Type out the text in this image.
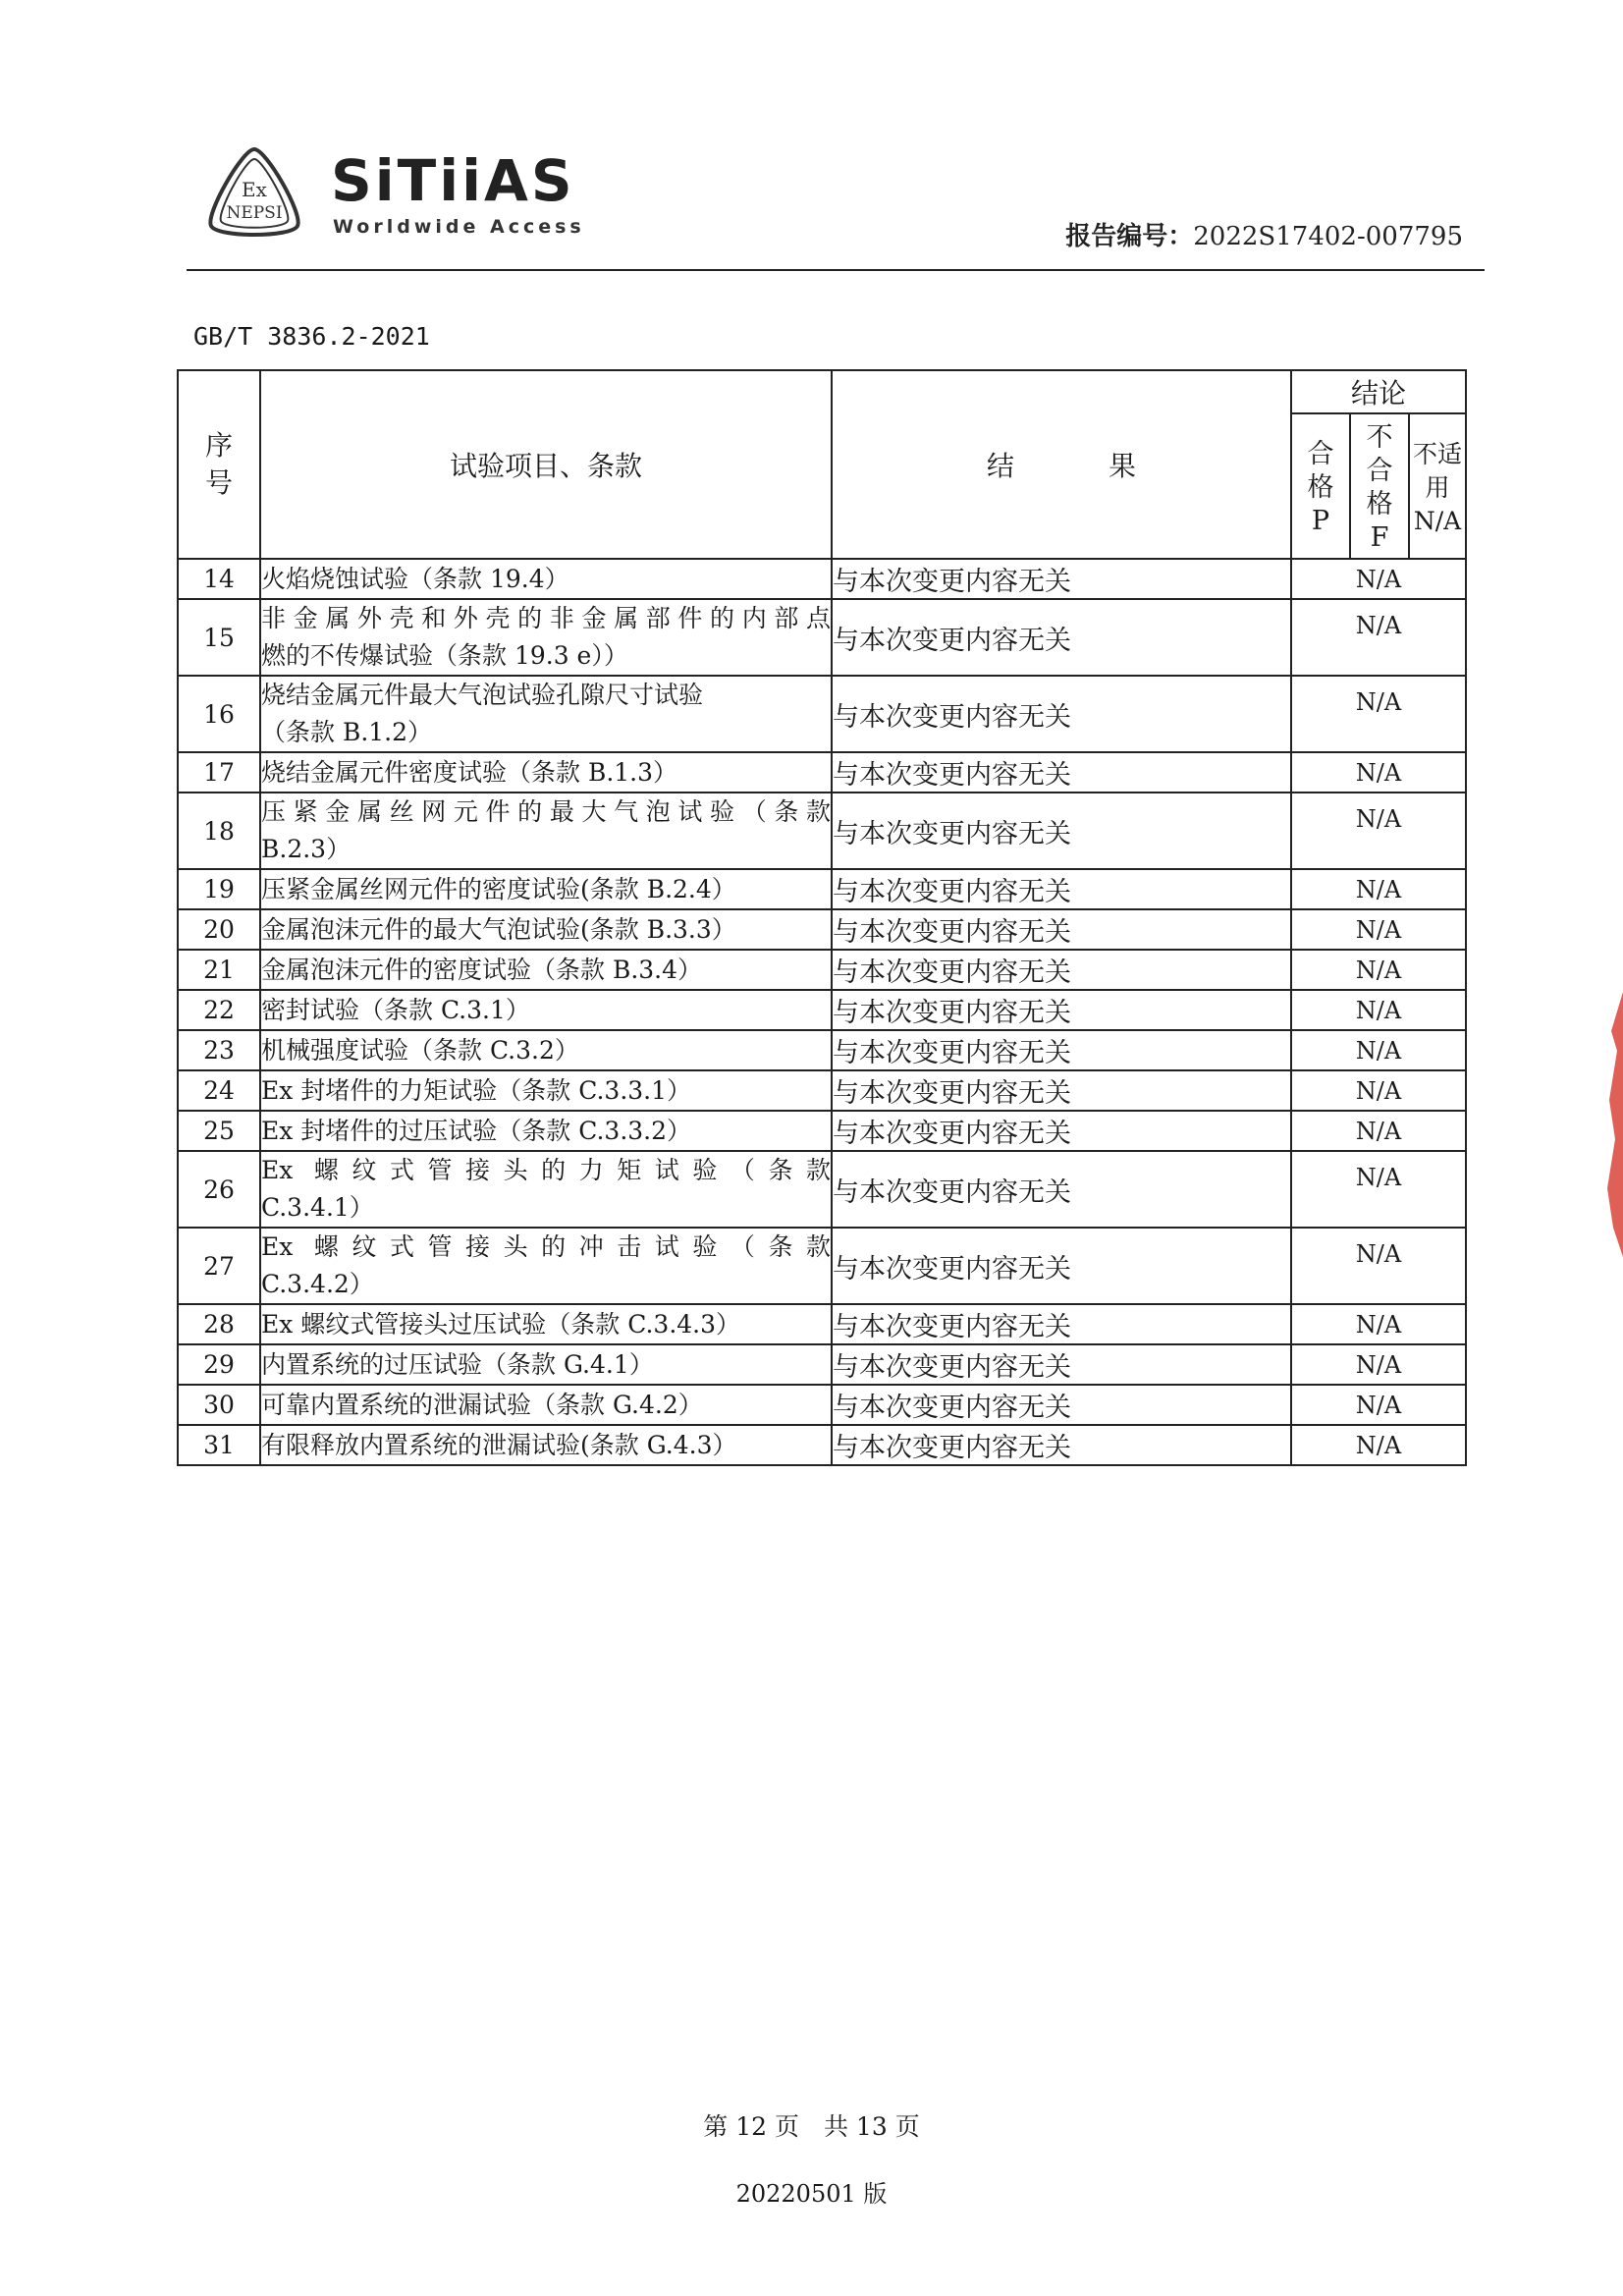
Ex
NEPSI SiTiiAS
Worldwide Access	报告编号：2022S17402-007795
GB/T 3836.2-2021
序号	试验项目、条款	结果	结论		
			合格P	不合格F	不适用N/A
14	火焰烧蚀试验（条款 19.4）	与本次变更内容无关	N/A		
15	非金属外壳和外壳的非金属部件的内部点
燃的不传爆试验（条款 19.3 e））	与本次变更内容无关	N/A		
16	烧结金属元件最大气泡试验孔隙尺寸试验
（条款 B.1.2）	与本次变更内容无关	N/A		
17	烧结金属元件密度试验（条款 B.1.3）	与本次变更内容无关	N/A		
18	压紧金属丝网元件的最大气泡试验（条款
B.2.3）	与本次变更内容无关	N/A		
19	压紧金属丝网元件的密度试验(条款 B.2.4）	与本次变更内容无关	N/A		
20	金属泡沫元件的最大气泡试验(条款 B.3.3）	与本次变更内容无关	N/A		
21	金属泡沫元件的密度试验（条款 B.3.4）	与本次变更内容无关	N/A		
22	密封试验（条款 C.3.1）	与本次变更内容无关	N/A		
23	机械强度试验（条款 C.3.2）	与本次变更内容无关	N/A		
24	Ex 封堵件的力矩试验（条款 C.3.3.1）	与本次变更内容无关	N/A		
25	Ex 封堵件的过压试验（条款 C.3.3.2）	与本次变更内容无关	N/A		
26	Ex 螺纹式管接头的力矩试验（条款
C.3.4.1）	与本次变更内容无关	N/A		
27	Ex 螺纹式管接头的冲击试验（条款
C.3.4.2）	与本次变更内容无关	N/A		
28	Ex 螺纹式管接头过压试验（条款 C.3.4.3）	与本次变更内容无关	N/A		
29	内置系统的过压试验（条款 G.4.1）	与本次变更内容无关	N/A		
30	可靠内置系统的泄漏试验（条款 G.4.2）	与本次变更内容无关	N/A		
31	有限释放内置系统的泄漏试验(条款 G.4.3）	与本次变更内容无关	N/A		
第 12 页　共 13 页
20220501 版
